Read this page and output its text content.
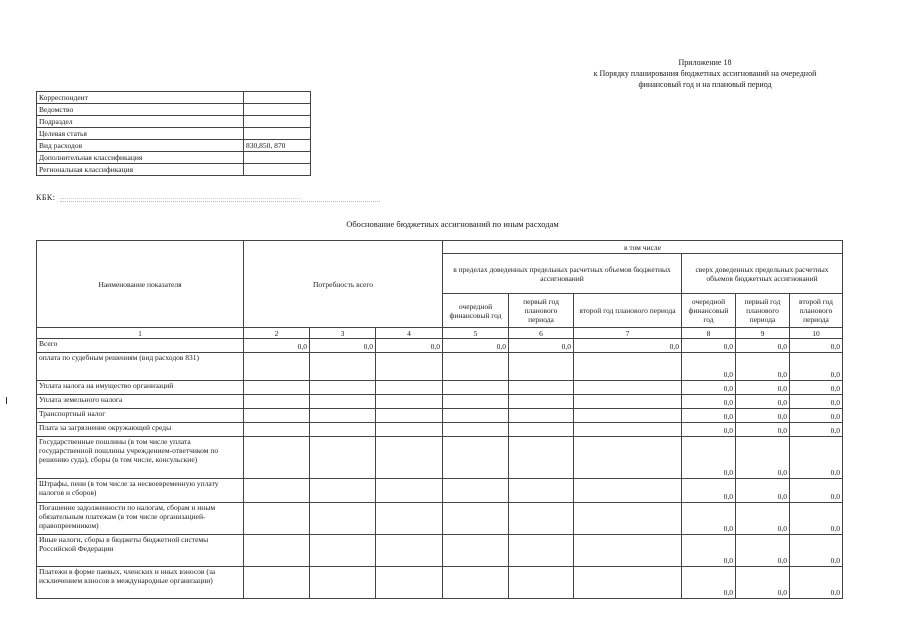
Приложение 18
к Порядку планирования бюджетных ассигнований на очередной
финансовый год и на плановый период
Корреспондент	
Ведомство	
Подраздел	
Целевая статья	
Вид расходов	830,850, 870
Дополнительная классификация	
Региональная классификация	
КБК:
Обоснование бюджетных ассигнований по иным расходам
Наименование показателя	Потребность всего			в том числе					
				в пределах доведенных предельных расчетных объемов бюджетных ассигнований			сверх доведенных предельных расчетных объемов бюджетных ассигнований		
				очередной финансовый год	первый год планового периода	второй год планового периода	очередной финансовый год	первый год планового периода	второй год планового периода
1	2	3	4	5	6	7	8	9	10
Всего	0,0	0,0	0,0	0,0	0,0	0,0	0,0	0,0	0,0
оплата по судебным решениям (вид расходов 831)							0,0	0,0	0,0
Уплата налога на имущество организаций							0,0	0,0	0,0
Уплата земельного налога							0,0	0,0	0,0
Транспортный налог							0,0	0,0	0,0
Плата за загрязнение окружающей среды							0,0	0,0	0,0
Государственные пошлины (в том числе уплата государственной пошлины учреждением-ответчиком по решению суда), сборы (в том числе, консульские)							0,0	0,0	0,0
Штрафы, пени (в том числе за несвоевременную уплату налогов и сборов)							0,0	0,0	0,0
Погашение задолженности по налогам, сборам и иным обязательным платежам (в том числе организацией-правопреемником)							0,0	0,0	0,0
Иные налоги, сборы в бюджеты бюджетной системы Российской Федерации							0,0	0,0	0,0
Платежи в форме паевых, членских и иных взносов (за исключением взносов в международные организации)							0,0	0,0	0,0
